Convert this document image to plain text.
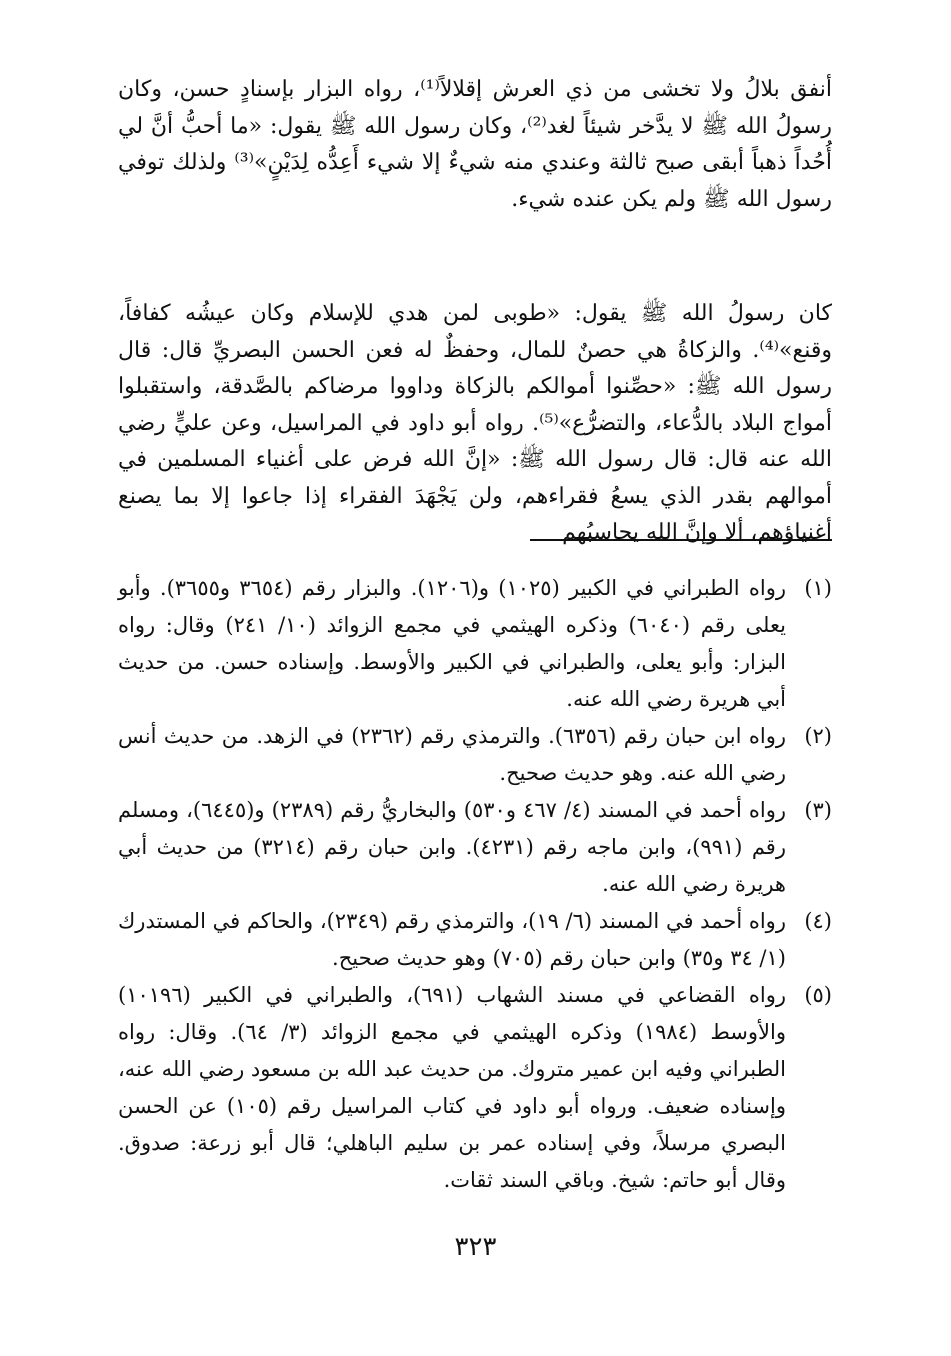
أنفق بلالُ ولا تخشى من ذي العرش إقلالاً⁽¹⁾، رواه البزار بإسنادٍ حسن، وكان رسولُ الله ﷺ لا يدَّخر شيئاً لغد⁽²⁾، وكان رسول الله ﷺ يقول: «ما أحبُّ أنَّ لي أُحُداً ذهباً أبقى صبح ثالثة وعندي منه شيءٌ إلا شيء أَعِدُّه لِدَيْنٍ»⁽³⁾ ولذلك توفي رسول الله ﷺ ولم يكن عنده شيء.

كان رسولُ الله ﷺ يقول: «طوبى لمن هدي للإسلام وكان عيشُه كفافاً، وقنع»⁽⁴⁾. والزكاةُ هي حصنٌ للمال، وحفظٌ له فعن الحسن البصريِّ قال: قال رسول الله ﷺ: «حصِّنوا أموالكم بالزكاة وداووا مرضاكم بالصَّدقة، واستقبلوا أمواج البلاد بالدُّعاء، والتضرُّع»⁽⁵⁾. رواه أبو داود في المراسيل، وعن عليٍّ رضي الله عنه قال: قال رسول الله ﷺ: «إنَّ الله فرض على أغنياء المسلمين في أموالهم بقدر الذي يسعُ فقراءهم، ولن يَجْهَدَ الفقراء إذا جاعوا إلا بما يصنع أغنياؤهم، ألا وإنَّ الله يحاسبُهم

(١)
رواه الطبراني في الكبير (١٠٢٥) و(١٢٠٦). والبزار رقم (٣٦٥٤ و٣٦٥٥). وأبو يعلى رقم (٦٠٤٠) وذكره الهيثمي في مجمع الزوائد (١٠/ ٢٤١) وقال: رواه البزار: وأبو يعلى، والطبراني في الكبير والأوسط. وإسناده حسن. من حديث أبي هريرة رضي الله عنه.
(٢)
رواه ابن حبان رقم (٦٣٥٦). والترمذي رقم (٢٣٦٢) في الزهد. من حديث أنس رضي الله عنه. وهو حديث صحيح.
(٣)
رواه أحمد في المسند (٤/ ٤٦٧ و٥٣٠) والبخاريُّ رقم (٢٣٨٩) و(٦٤٤٥)، ومسلم رقم (٩٩١)، وابن ماجه رقم (٤٢٣١). وابن حبان رقم (٣٢١٤) من حديث أبي هريرة رضي الله عنه.
(٤)
رواه أحمد في المسند (٦/ ١٩)، والترمذي رقم (٢٣٤٩)، والحاكم في المستدرك (١/ ٣٤ و٣٥) وابن حبان رقم (٧٠٥) وهو حديث صحيح.
(٥)
رواه القضاعي في مسند الشهاب (٦٩١)، والطبراني في الكبير (١٠١٩٦) والأوسط (١٩٨٤) وذكره الهيثمي في مجمع الزوائد (٣/ ٦٤). وقال: رواه الطبراني وفيه ابن عمير متروك. من حديث عبد الله بن مسعود رضي الله عنه، وإسناده ضعيف. ورواه أبو داود في كتاب المراسيل رقم (١٠٥) عن الحسن البصري مرسلاً، وفي إسناده عمر بن سليم الباهلي؛ قال أبو زرعة: صدوق. وقال أبو حاتم: شيخ. وباقي السند ثقات.
٣٢٣
